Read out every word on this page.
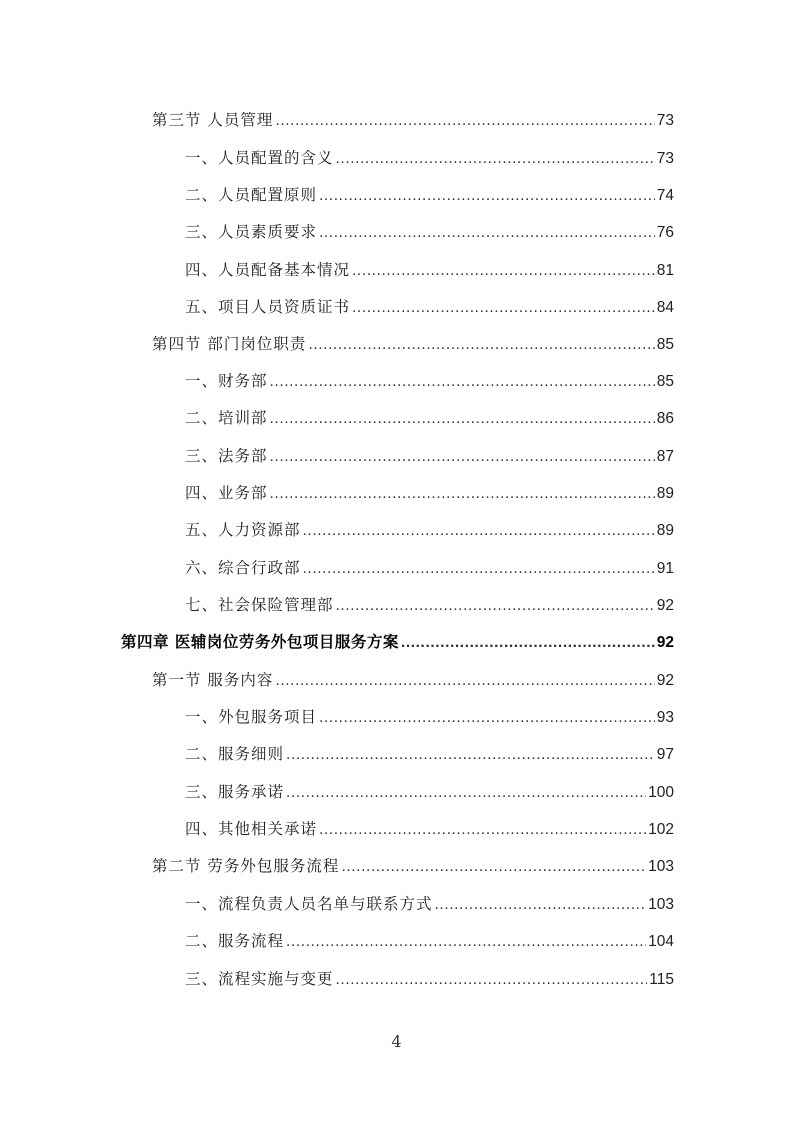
第三节 人员管理 .....	73
一、人员配置的含义 .....	73
二、人员配置原则 .....	74
三、人员素质要求 .....	76
四、人员配备基本情况 .....	81
五、项目人员资质证书 .....	84
第四节 部门岗位职责 .....	85
一、财务部 .....	85
二、培训部 .....	86
三、法务部 .....	87
四、业务部 .....	89
五、人力资源部 .....	89
六、综合行政部 .....	91
七、社会保险管理部 .....	92
第四章 医辅岗位劳务外包项目服务方案 .....	92
第一节 服务内容 .....	92
一、外包服务项目 .....	93
二、服务细则 .....	97
三、服务承诺 .....	100
四、其他相关承诺 .....	102
第二节 劳务外包服务流程 .....	103
一、流程负责人员名单与联系方式 .....	103
二、服务流程 .....	104
三、流程实施与变更 .....	115
4
